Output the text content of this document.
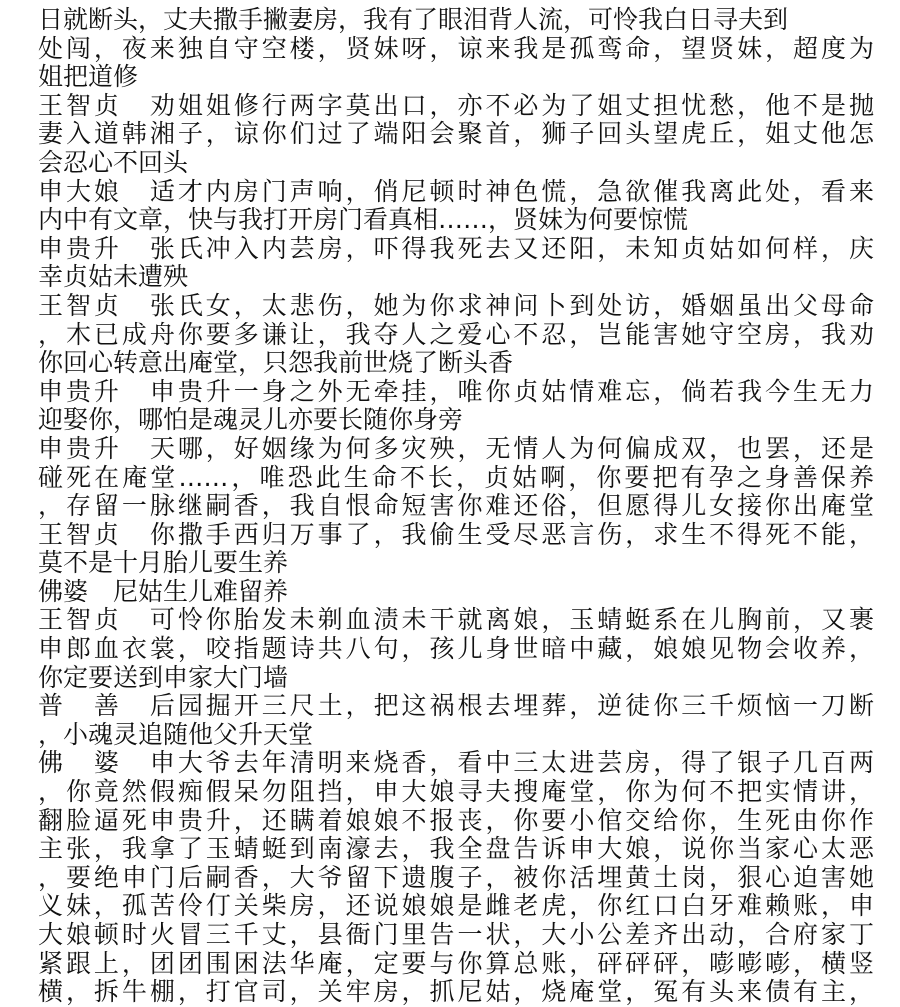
日就断头，丈夫撒手撇妻房，我有了眼泪背人流，可怜我白日寻夫到
处闯，夜来独自守空楼，贤妹呀，谅来我是孤鸾命，望贤妹，超度为
姐把道修
王智贞　劝姐姐修行两字莫出口，亦不必为了姐丈担忧愁，他不是抛
妻入道韩湘子，谅你们过了端阳会聚首，狮子回头望虎丘，姐丈他怎
会忍心不回头
申大娘　适才内房门声响，俏尼顿时神色慌，急欲催我离此处，看来
内中有文章，快与我打开房门看真相……，贤妹为何要惊慌
申贵升　张氏冲入内芸房，吓得我死去又还阳，未知贞姑如何样，庆
幸贞姑未遭殃
王智贞　张氏女，太悲伤，她为你求神问卜到处访，婚姻虽出父母命
，木已成舟你要多谦让，我夺人之爱心不忍，岂能害她守空房，我劝
你回心转意出庵堂，只怨我前世烧了断头香
申贵升　申贵升一身之外无牵挂，唯你贞姑情难忘，倘若我今生无力
迎娶你，哪怕是魂灵儿亦要长随你身旁
申贵升　天哪，好姻缘为何多灾殃，无情人为何偏成双，也罢，还是
碰死在庵堂……，唯恐此生命不长，贞姑啊，你要把有孕之身善保养
，存留一脉继嗣香，我自恨命短害你难还俗，但愿得儿女接你出庵堂
王智贞　你撒手西归万事了，我偷生受尽恶言伤，求生不得死不能，
莫不是十月胎儿要生养
佛婆　尼姑生儿难留养
王智贞　可怜你胎发未剃血渍未干就离娘，玉蜻蜓系在儿胸前，又裹
申郎血衣裳，咬指题诗共八句，孩儿身世暗中藏，娘娘见物会收养，
你定要送到申家大门墙
普　善　后园掘开三尺土，把这祸根去埋葬，逆徒你三千烦恼一刀断
，小魂灵追随他父升天堂
佛　婆　申大爷去年清明来烧香，看中三太进芸房，得了银子几百两
，你竟然假痴假呆勿阻挡，申大娘寻夫搜庵堂，你为何不把实情讲，
翻脸逼死申贵升，还瞒着娘娘不报丧，你要小倌交给你，生死由你作
主张，我拿了玉蜻蜓到南濠去，我全盘告诉申大娘，说你当家心太恶
，要绝申门后嗣香，大爷留下遗腹子，被你活埋黄土岗，狠心迫害她
义妹，孤苦伶仃关柴房，还说娘娘是雌老虎，你红口白牙难赖账，申
大娘顿时火冒三千丈，县衙门里告一状，大小公差齐出动，合府家丁
紧跟上，团团围困法华庵，定要与你算总账，砰砰砰，嘭嘭嘭，横竖
横，拆牛棚，打官司，关牢房，抓尼姑，烧庵堂，冤有头来债有主，
